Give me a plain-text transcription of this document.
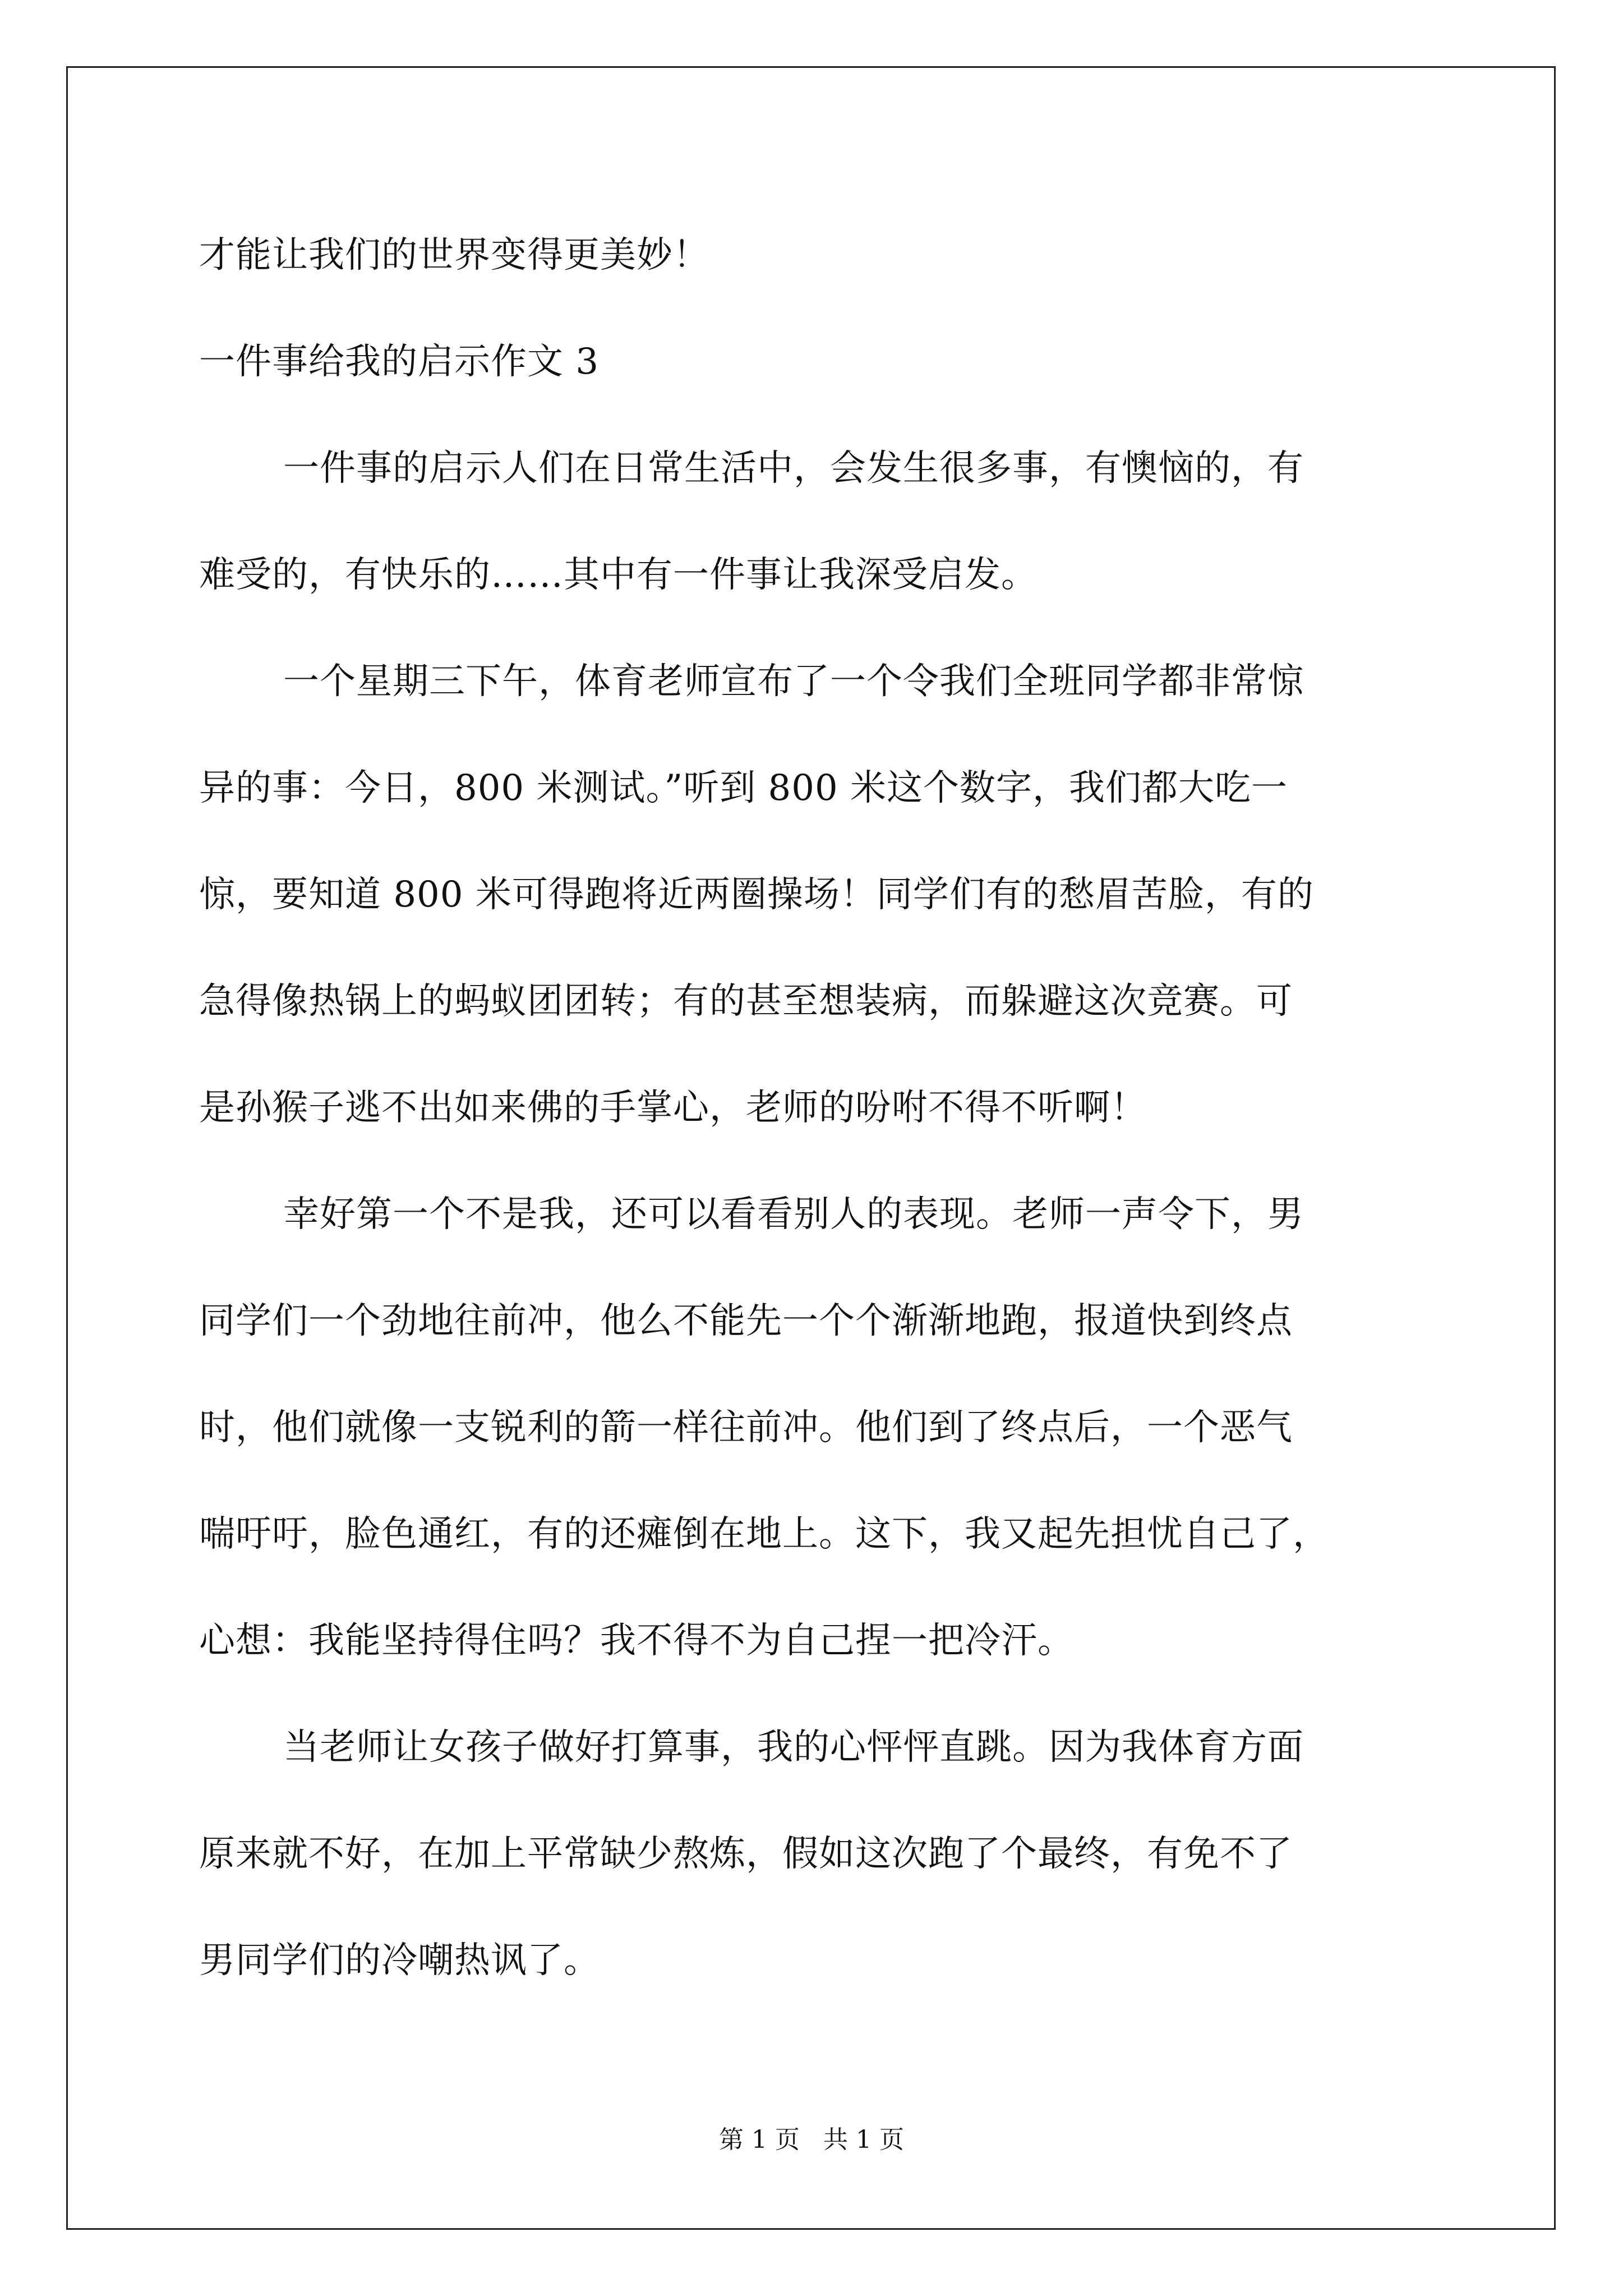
才能让我们的世界变得更美妙！
一件事给我的启示作文 3
一件事的启示人们在日常生活中，会发生很多事，有懊恼的，有
难受的，有快乐的……其中有一件事让我深受启发。
一个星期三下午，体育老师宣布了一个令我们全班同学都非常惊
异的事：今日，800 米测试。”听到 800 米这个数字，我们都大吃一
惊，要知道 800 米可得跑将近两圈操场！同学们有的愁眉苦脸，有的
急得像热锅上的蚂蚁团团转；有的甚至想装病，而躲避这次竞赛。可
是孙猴子逃不出如来佛的手掌心，老师的吩咐不得不听啊！
幸好第一个不是我，还可以看看别人的表现。老师一声令下，男
同学们一个劲地往前冲，他么不能先一个个渐渐地跑，报道快到终点
时，他们就像一支锐利的箭一样往前冲。他们到了终点后，一个恶气
喘吁吁，脸色通红，有的还瘫倒在地上。这下，我又起先担忧自己了，
心想：我能坚持得住吗？我不得不为自己捏一把冷汗。
当老师让女孩子做好打算事，我的心怦怦直跳。因为我体育方面
原来就不好，在加上平常缺少熬炼，假如这次跑了个最终，有免不了
男同学们的冷嘲热讽了。
第 1 页 共 1 页
